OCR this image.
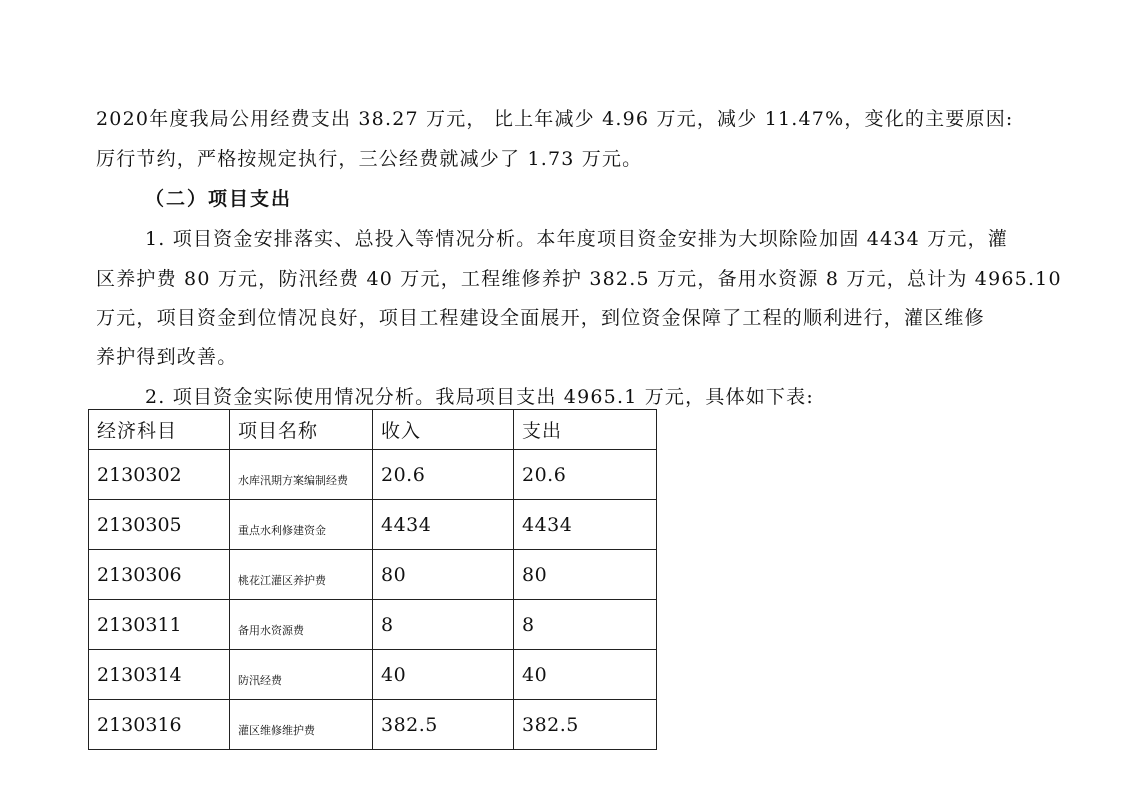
2020年度我局公用经费支出 38.27 万元， 比上年减少 4.96 万元，减少 11.47%，变化的主要原因:
厉行节约，严格按规定执行，三公经费就减少了 1.73 万元。
（二）项目支出
1. 项目资金安排落实、总投入等情况分析。本年度项目资金安排为大坝除险加固 4434 万元，灌
区养护费 80 万元，防汛经费 40 万元，工程维修养护 382.5 万元，备用水资源 8 万元，总计为 4965.10
万元，项目资金到位情况良好，项目工程建设全面展开，到位资金保障了工程的顺利进行，灌区维修
养护得到改善。
2. 项目资金实际使用情况分析。我局项目支出 4965.1 万元，具体如下表:
经济科目	项目名称	收入	支出
2130302	水库汛期方案编制经费	20.6	20.6
2130305	重点水利修建资金	4434	4434
2130306	桃花江灌区养护费	80	80
2130311	备用水资源费	8	8
2130314	防汛经费	40	40
2130316	灌区维修维护费	382.5	382.5
